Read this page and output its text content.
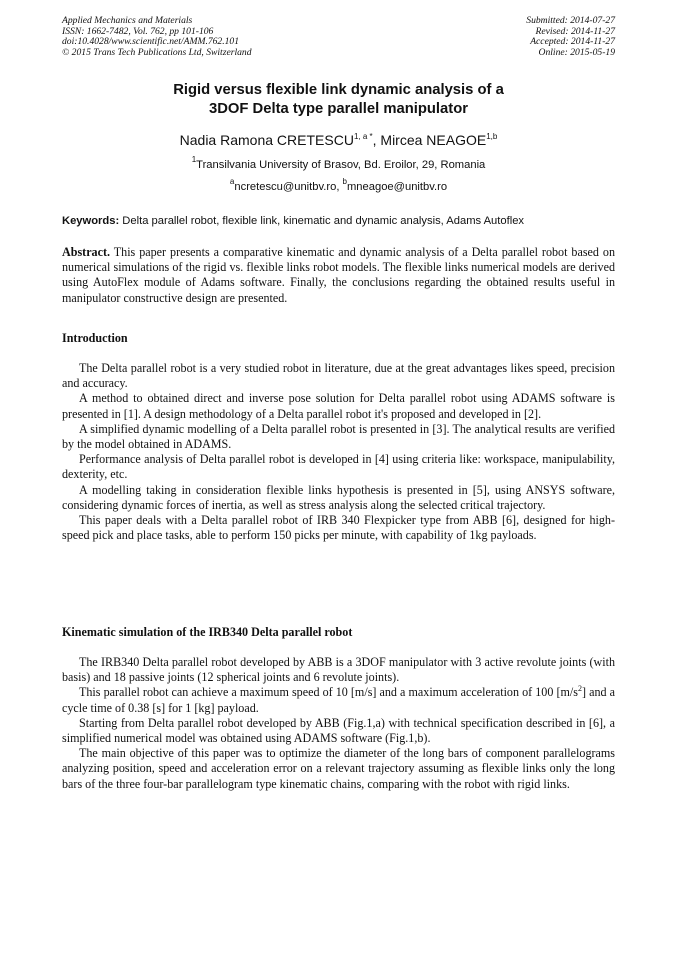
Applied Mechanics and Materials
ISSN: 1662-7482, Vol. 762, pp 101-106
doi:10.4028/www.scientific.net/AMM.762.101
© 2015 Trans Tech Publications Ltd, Switzerland
Submitted: 2014-07-27
Revised: 2014-11-27
Accepted: 2014-11-27
Online: 2015-05-19
Rigid versus flexible link dynamic analysis of a
3DOF Delta type parallel manipulator
Nadia Ramona $CRETESCU^{1, a *}$, Mircea NEAGOE$^{1,b}$
$^1$Transilvania University of Brasov, Bd. Eroilor, 29, Romania
$^a$ncretescu@unitbv.ro, $^b$mneagoe@unitbv.ro
Keywords: Delta parallel robot, flexible link, kinematic and dynamic analysis, Adams Autoflex

Abstract. This paper presents a comparative kinematic and dynamic analysis of a Delta parallel robot based on numerical simulations of the rigid vs. flexible links robot models. The flexible links numerical models are derived using AutoFlex module of Adams software. Finally, the conclusions regarding the obtained results useful in manipulator constructive design are presented.

Introduction

The Delta parallel robot is a very studied robot in literature, due at the great advantages likes speed, precision and accuracy.

A method to obtained direct and inverse pose solution for Delta parallel robot using ADAMS software is presented in [1]. A design methodology of a Delta parallel robot it's proposed and developed in [2].

A simplified dynamic modelling of a Delta parallel robot is presented in [3]. The analytical results are verified by the model obtained in ADAMS.

Performance analysis of Delta parallel robot is developed in [4] using criteria like: workspace, manipulability, dexterity, etc.

A modelling taking in consideration flexible links hypothesis is presented in [5], using ANSYS software, considering dynamic forces of inertia, as well as stress analysis along the selected critical trajectory.

This paper deals with a Delta parallel robot of IRB 340 Flexpicker type from ABB [6], designed for high-speed pick and place tasks, able to perform 150 picks per minute, with capability of 1kg payloads.

Kinematic simulation of the IRB340 Delta parallel robot

The IRB340 Delta parallel robot developed by ABB is a 3DOF manipulator with 3 active revolute joints (with basis) and 18 passive joints (12 spherical joints and 6 revolute joints).

This parallel robot can achieve a maximum speed of 10 [m/s] and a maximum acceleration of 100 $[m/s^2]$ and a cycle time of 0.38 [s] for 1 [kg] payload.

Starting from Delta parallel robot developed by ABB (Fig.1,a) with technical specification described in [6], a simplified numerical model was obtained using ADAMS software (Fig.1,b).

The main objective of this paper was to optimize the diameter of the long bars of component parallelograms analyzing position, speed and acceleration error on a relevant trajectory assuming as flexible links only the long bars of the three four-bar parallelogram type kinematic chains, comparing with the robot with rigid links.
